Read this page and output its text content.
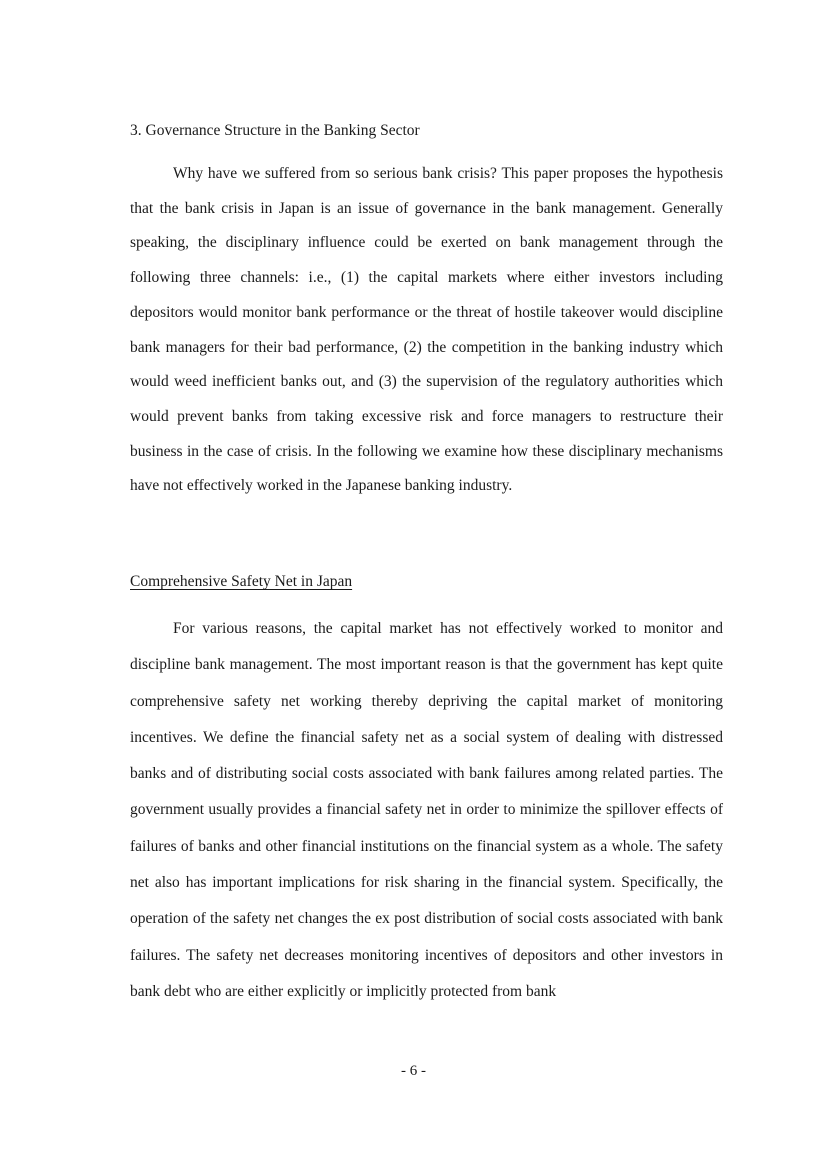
3. Governance Structure in the Banking Sector

Why have we suffered from so serious bank crisis? This paper proposes the hypothesis that the bank crisis in Japan is an issue of governance in the bank management. Generally speaking, the disciplinary influence could be exerted on bank management through the following three channels: i.e., (1) the capital markets where either investors including depositors would monitor bank performance or the threat of hostile takeover would discipline bank managers for their bad performance, (2) the competition in the banking industry which would weed inefficient banks out, and (3) the supervision of the regulatory authorities which would prevent banks from taking excessive risk and force managers to restructure their business in the case of crisis. In the following we examine how these disciplinary mechanisms have not effectively worked in the Japanese banking industry.

Comprehensive Safety Net in Japan

For various reasons, the capital market has not effectively worked to monitor and discipline bank management. The most important reason is that the government has kept quite comprehensive safety net working thereby depriving the capital market of monitoring incentives. We define the financial safety net as a social system of dealing with distressed banks and of distributing social costs associated with bank failures among related parties. The government usually provides a financial safety net in order to minimize the spillover effects of failures of banks and other financial institutions on the financial system as a whole. The safety net also has important implications for risk sharing in the financial system. Specifically, the operation of the safety net changes the ex post distribution of social costs associated with bank failures. The safety net decreases monitoring incentives of depositors and other investors in bank debt who are either explicitly or implicitly protected from bank

- 6 -
